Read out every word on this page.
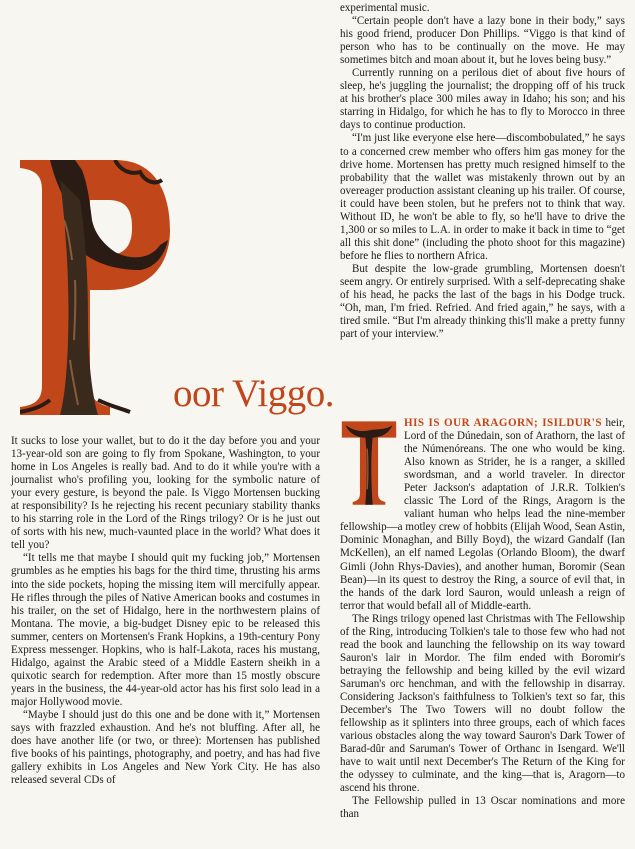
oor Viggo.

It sucks to lose your wallet, but to do it the day before you and your 13-year-old son are going to fly from Spokane, Washington, to your home in Los Angeles is really bad. And to do it while you're with a journalist who's profiling you, looking for the symbolic nature of your every gesture, is beyond the pale. Is Viggo Mortensen bucking at responsibility? Is he rejecting his recent pecuniary stability thanks to his starring role in the Lord of the Rings trilogy? Or is he just out of sorts with his new, much-vaunted place in the world? What does it tell you?

“It tells me that maybe I should quit my fucking job,” Mortensen grumbles as he empties his bags for the third time, thrusting his arms into the side pockets, hoping the missing item will mercifully appear. He rifles through the piles of Native American books and costumes in his trailer, on the set of Hidalgo, here in the northwestern plains of Montana. The movie, a big-budget Disney epic to be released this summer, centers on Mortensen's Frank Hopkins, a 19th-century Pony Express messenger. Hopkins, who is half-Lakota, races his mustang, Hidalgo, against the Arabic steed of a Middle Eastern sheikh in a quixotic search for redemption. After more than 15 mostly obscure years in the business, the 44-year-old actor has his first solo lead in a major Hollywood movie.

“Maybe I should just do this one and be done with it,” Mortensen says with frazzled exhaustion. And he's not bluffing. After all, he does have another life (or two, or three): Mortensen has published five books of his paintings, photography, and poetry, and has had five gallery exhibits in Los Angeles and New York City. He has also released several CDs of

experimental music.

“Certain people don't have a lazy bone in their body,” says his good friend, producer Don Phillips. “Viggo is that kind of person who has to be continually on the move. He may sometimes bitch and moan about it, but he loves being busy.”

Currently running on a perilous diet of about five hours of sleep, he's juggling the journalist; the dropping off of his truck at his brother's place 300 miles away in Idaho; his son; and his starring in Hidalgo, for which he has to fly to Morocco in three days to continue production.

“I'm just like everyone else here—discombobulated,” he says to a concerned crew member who offers him gas money for the drive home. Mortensen has pretty much resigned himself to the probability that the wallet was mistakenly thrown out by an overeager production assistant cleaning up his trailer. Of course, it could have been stolen, but he prefers not to think that way. Without ID, he won't be able to fly, so he'll have to drive the 1,300 or so miles to L.A. in order to make it back in time to “get all this shit done” (including the photo shoot for this magazine) before he flies to northern Africa.

But despite the low-grade grumbling, Mortensen doesn't seem angry. Or entirely surprised. With a self-deprecating shake of his head, he packs the last of the bags in his Dodge truck. “Oh, man, I'm fried. Refried. And fried again,” he says, with a tired smile. “But I'm already thinking this'll make a pretty funny part of your interview.”

HIS IS OUR ARAGORN; ISILDUR'S heir, Lord of the Dúnedain, son of Arathorn, the last of the Númenóreans. The one who would be king. Also known as Strider, he is a ranger, a skilled swordsman, and a world traveler. In director Peter Jackson's adaptation of J.R.R. Tolkien's classic The Lord of the Rings, Aragorn is the valiant human who helps lead the nine-member fellowship—a motley crew of hobbits (Elijah Wood, Sean Astin, Dominic Monaghan, and Billy Boyd), the wizard Gandalf (Ian McKellen), an elf named Legolas (Orlando Bloom), the dwarf Gimli (John Rhys-Davies), and another human, Boromir (Sean Bean)—in its quest to destroy the Ring, a source of evil that, in the hands of the dark lord Sauron, would unleash a reign of terror that would befall all of Middle-earth.

The Rings trilogy opened last Christmas with The Fellowship of the Ring, introducing Tolkien's tale to those few who had not read the book and launching the fellowship on its way toward Sauron's lair in Mordor. The film ended with Boromir's betraying the fellowship and being killed by the evil wizard Saruman's orc henchman, and with the fellowship in disarray. Considering Jackson's faithfulness to Tolkien's text so far, this December's The Two Towers will no doubt follow the fellowship as it splinters into three groups, each of which faces various obstacles along the way toward Sauron's Dark Tower of Barad-dûr and Saruman's Tower of Orthanc in Isengard. We'll have to wait until next December's The Return of the King for the odyssey to culminate, and the king—that is, Aragorn—to ascend his throne.

The Fellowship pulled in 13 Oscar nominations and more than
